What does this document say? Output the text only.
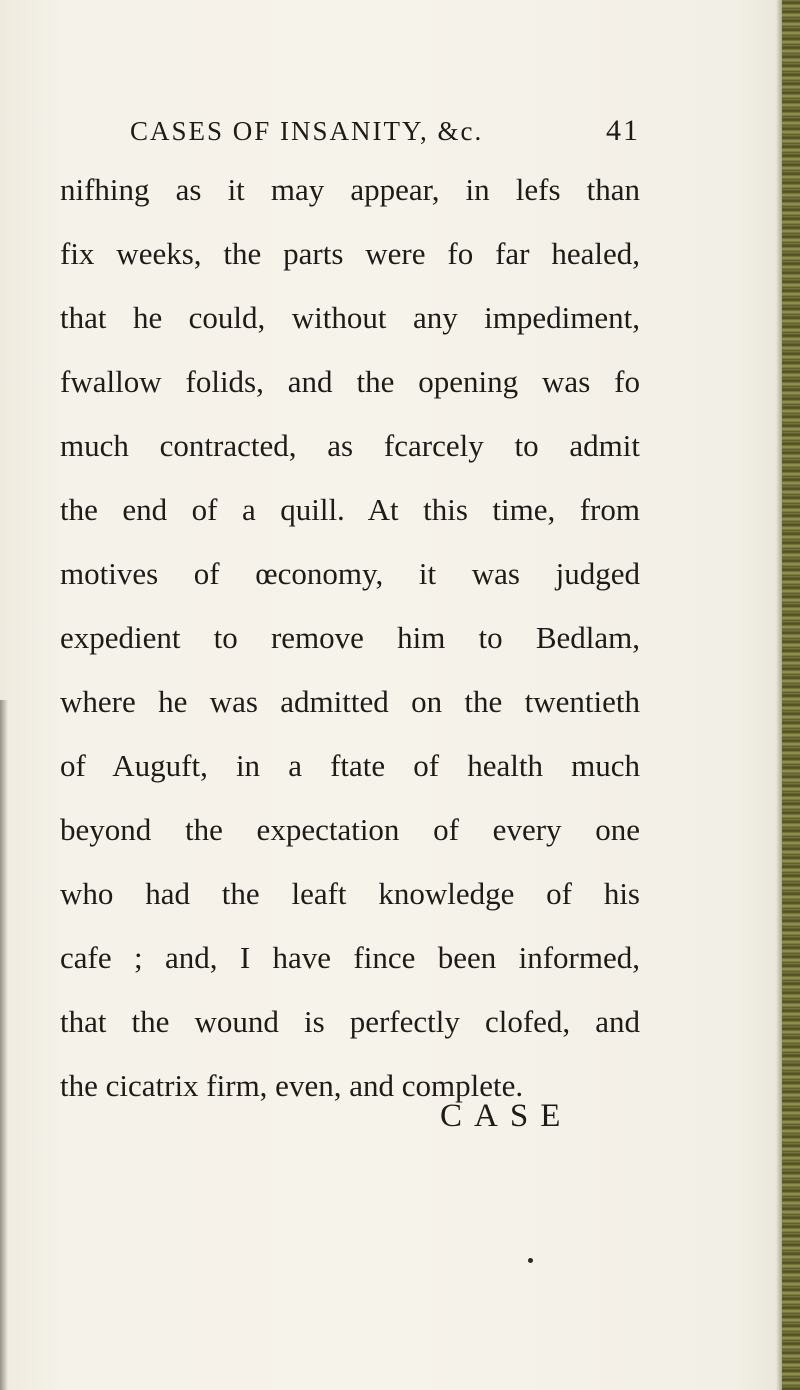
CASES OF INSANITY, &c.	41
nifhing as it may appear, in lefs than
fix weeks, the parts were fo far healed,
that he could, without any impediment,
fwallow folids, and the opening was fo
much contracted, as fcarcely to admit
the end of a quill. At this time, from
motives of œconomy, it was judged
expedient to remove him to Bedlam,
where he was admitted on the twentieth
of Auguft, in a ftate of health much
beyond the expectation of every one
who had the leaft knowledge of his
cafe ; and, I have fince been informed,
that the wound is perfectly clofed, and
the cicatrix firm, even, and complete.
CASE
